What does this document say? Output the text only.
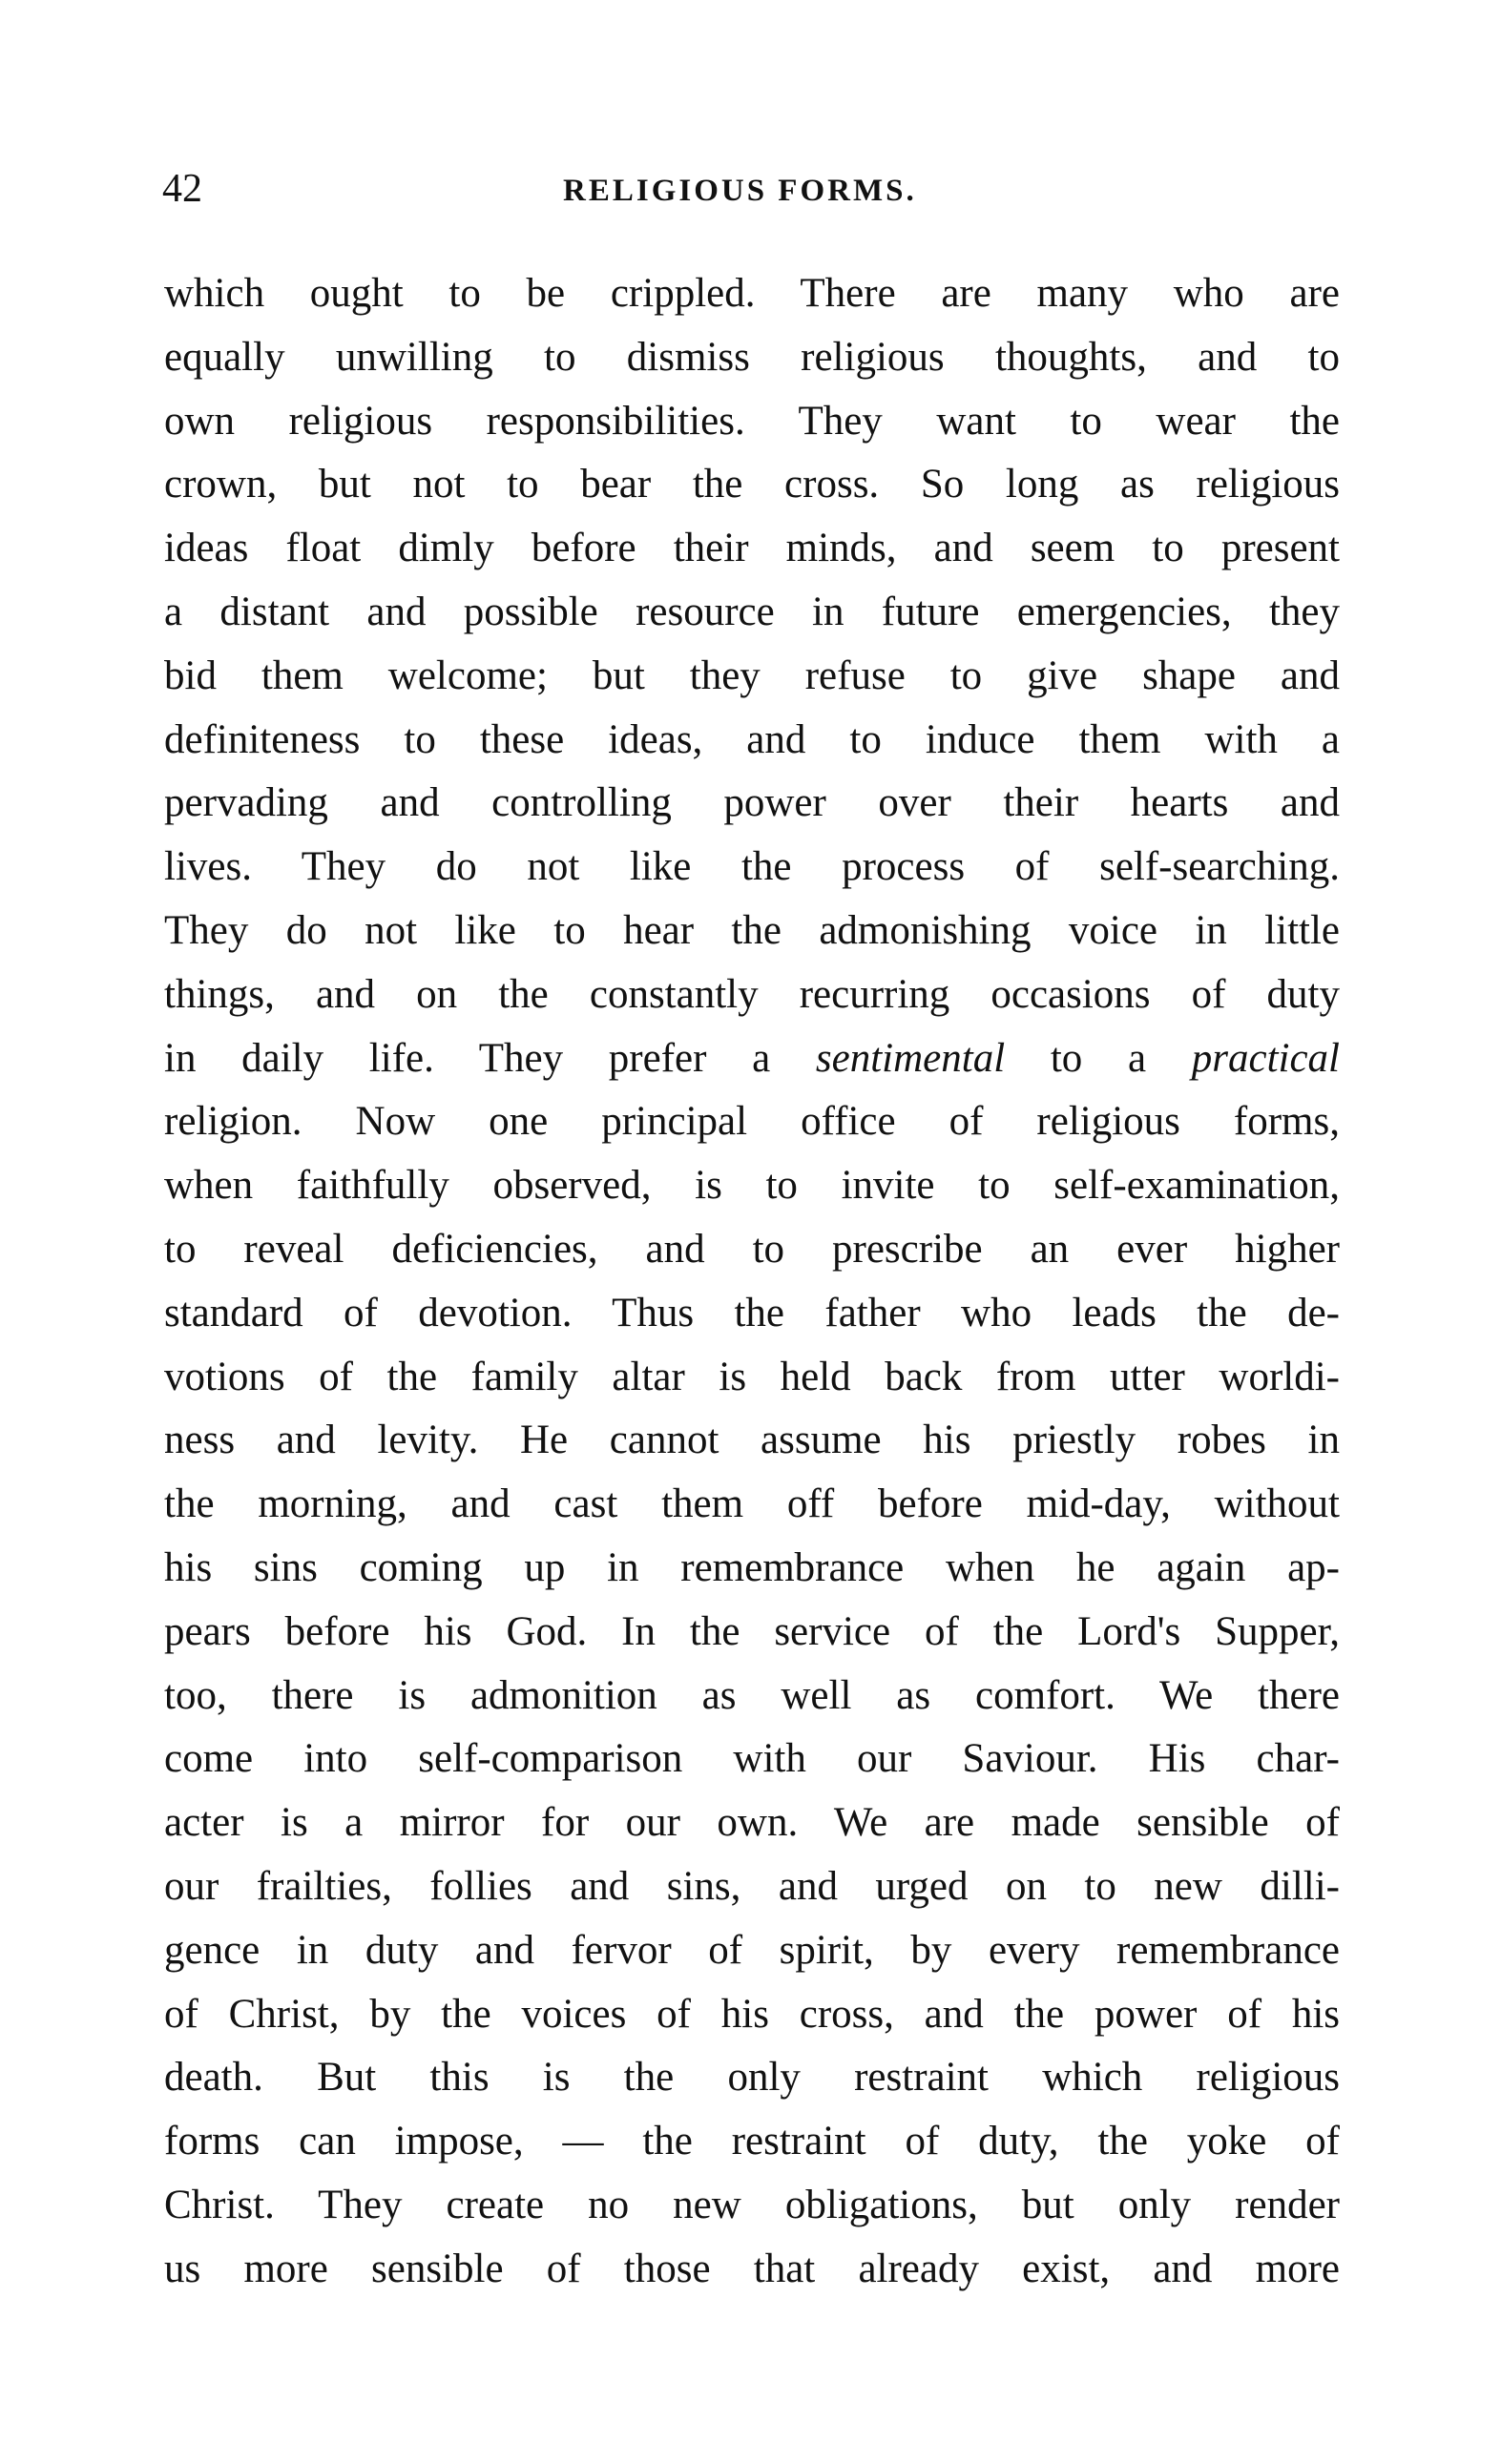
42	RELIGIOUS FORMS.
which ought to be crippled. There are many who are
equally unwilling to dismiss religious thoughts, and to
own religious responsibilities. They want to wear the
crown, but not to bear the cross. So long as religious
ideas float dimly before their minds, and seem to present
a distant and possible resource in future emergencies, they
bid them welcome; but they refuse to give shape and
definiteness to these ideas, and to induce them with a
pervading and controlling power over their hearts and
lives. They do not like the process of self-searching.
They do not like to hear the admonishing voice in little
things, and on the constantly recurring occasions of duty
in daily life. They prefer a sentimental to a practical
religion. Now one principal office of religious forms,
when faithfully observed, is to invite to self-examination,
to reveal deficiencies, and to prescribe an ever higher
standard of devotion. Thus the father who leads the de-
votions of the family altar is held back from utter worldi-
ness and levity. He cannot assume his priestly robes in
the morning, and cast them off before mid-day, without
his sins coming up in remembrance when he again ap-
pears before his God. In the service of the Lord's Supper,
too, there is admonition as well as comfort. We there
come into self-comparison with our Saviour. His char-
acter is a mirror for our own. We are made sensible of
our frailties, follies and sins, and urged on to new dilli-
gence in duty and fervor of spirit, by every remembrance
of Christ, by the voices of his cross, and the power of his
death. But this is the only restraint which religious
forms can impose, — the restraint of duty, the yoke of
Christ. They create no new obligations, but only render
us more sensible of those that already exist, and more
